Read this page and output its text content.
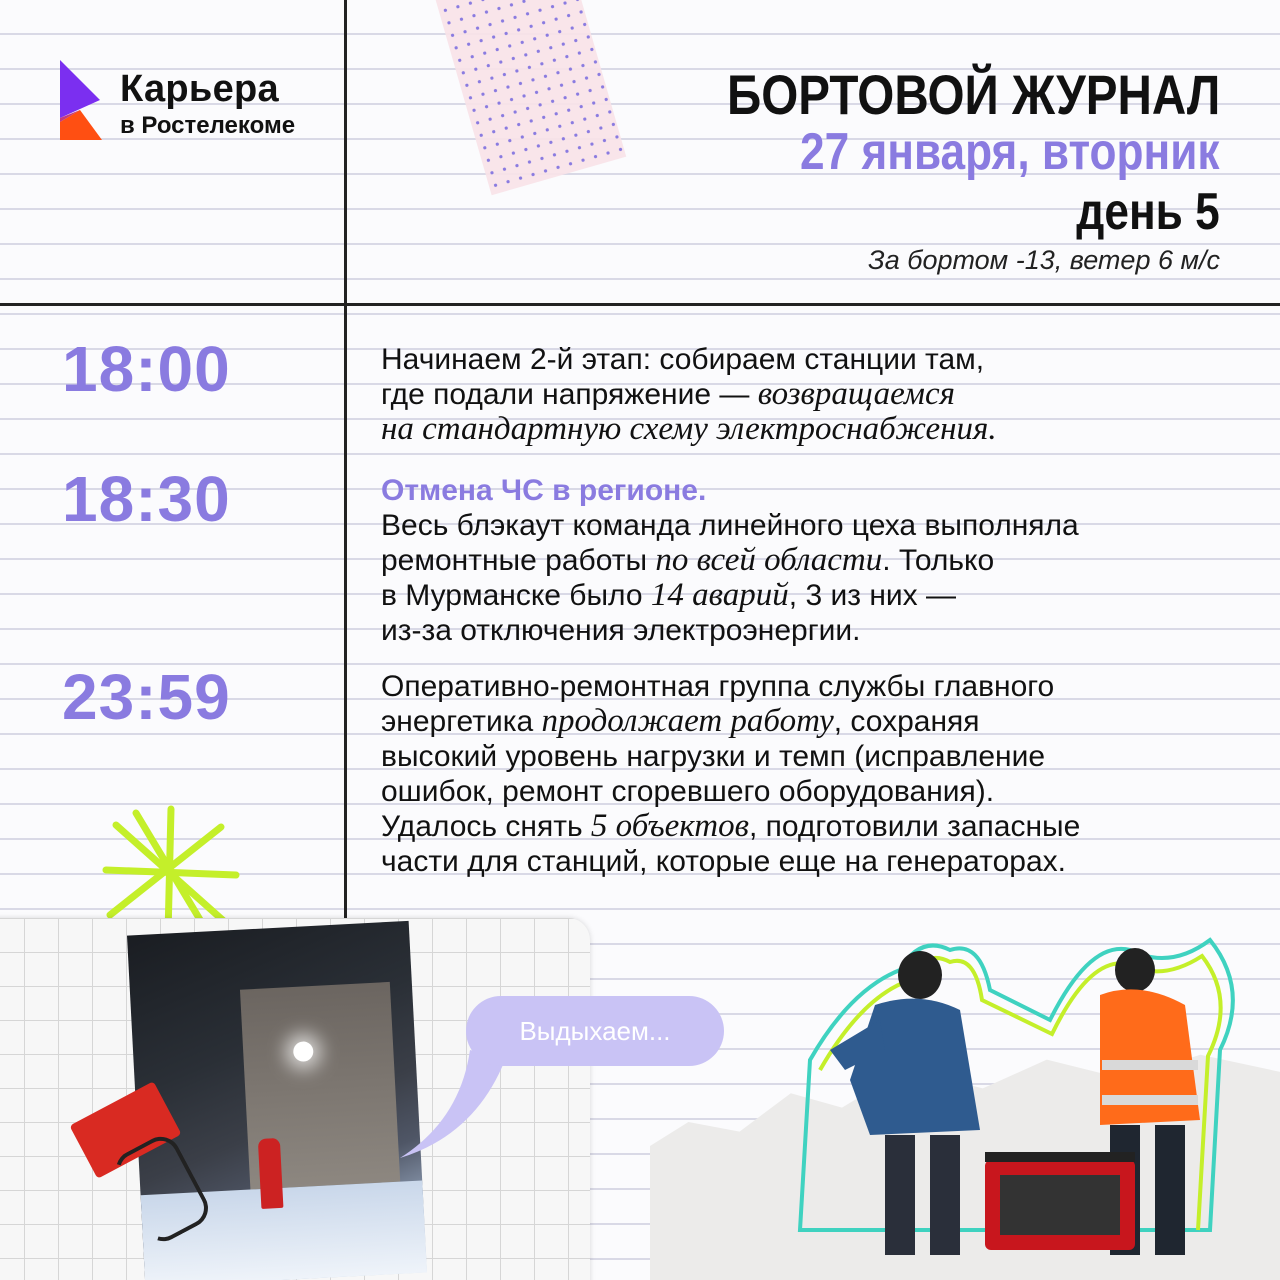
Карьера
в Ростелекоме	БОРТОВОЙ ЖУРНАЛ
27 января, вторник
день 5
За бортом -13, ветер 6 м/с
18:00	Начинаем 2-й этап: собираем станции там,
где подали напряжение — возвращаемся
на стандартную схему электроснабжения.
18:30	Отмена ЧС в регионе.
Весь блэкаут команда линейного цеха выполняла
ремонтные работы по всей области. Только
в Мурманске было 14 аварий, 3 из них —
из-за отключения электроэнергии.
23:59	Оперативно-ремонтная группа службы главного
энергетика продолжает работу, сохраняя
высокий уровень нагрузки и темп (исправление
ошибок, ремонт сгоревшего оборудования).
Удалось снять 5 объектов, подготовили запасные
части для станций, которые еще на генераторах.
Выдыхаем...
